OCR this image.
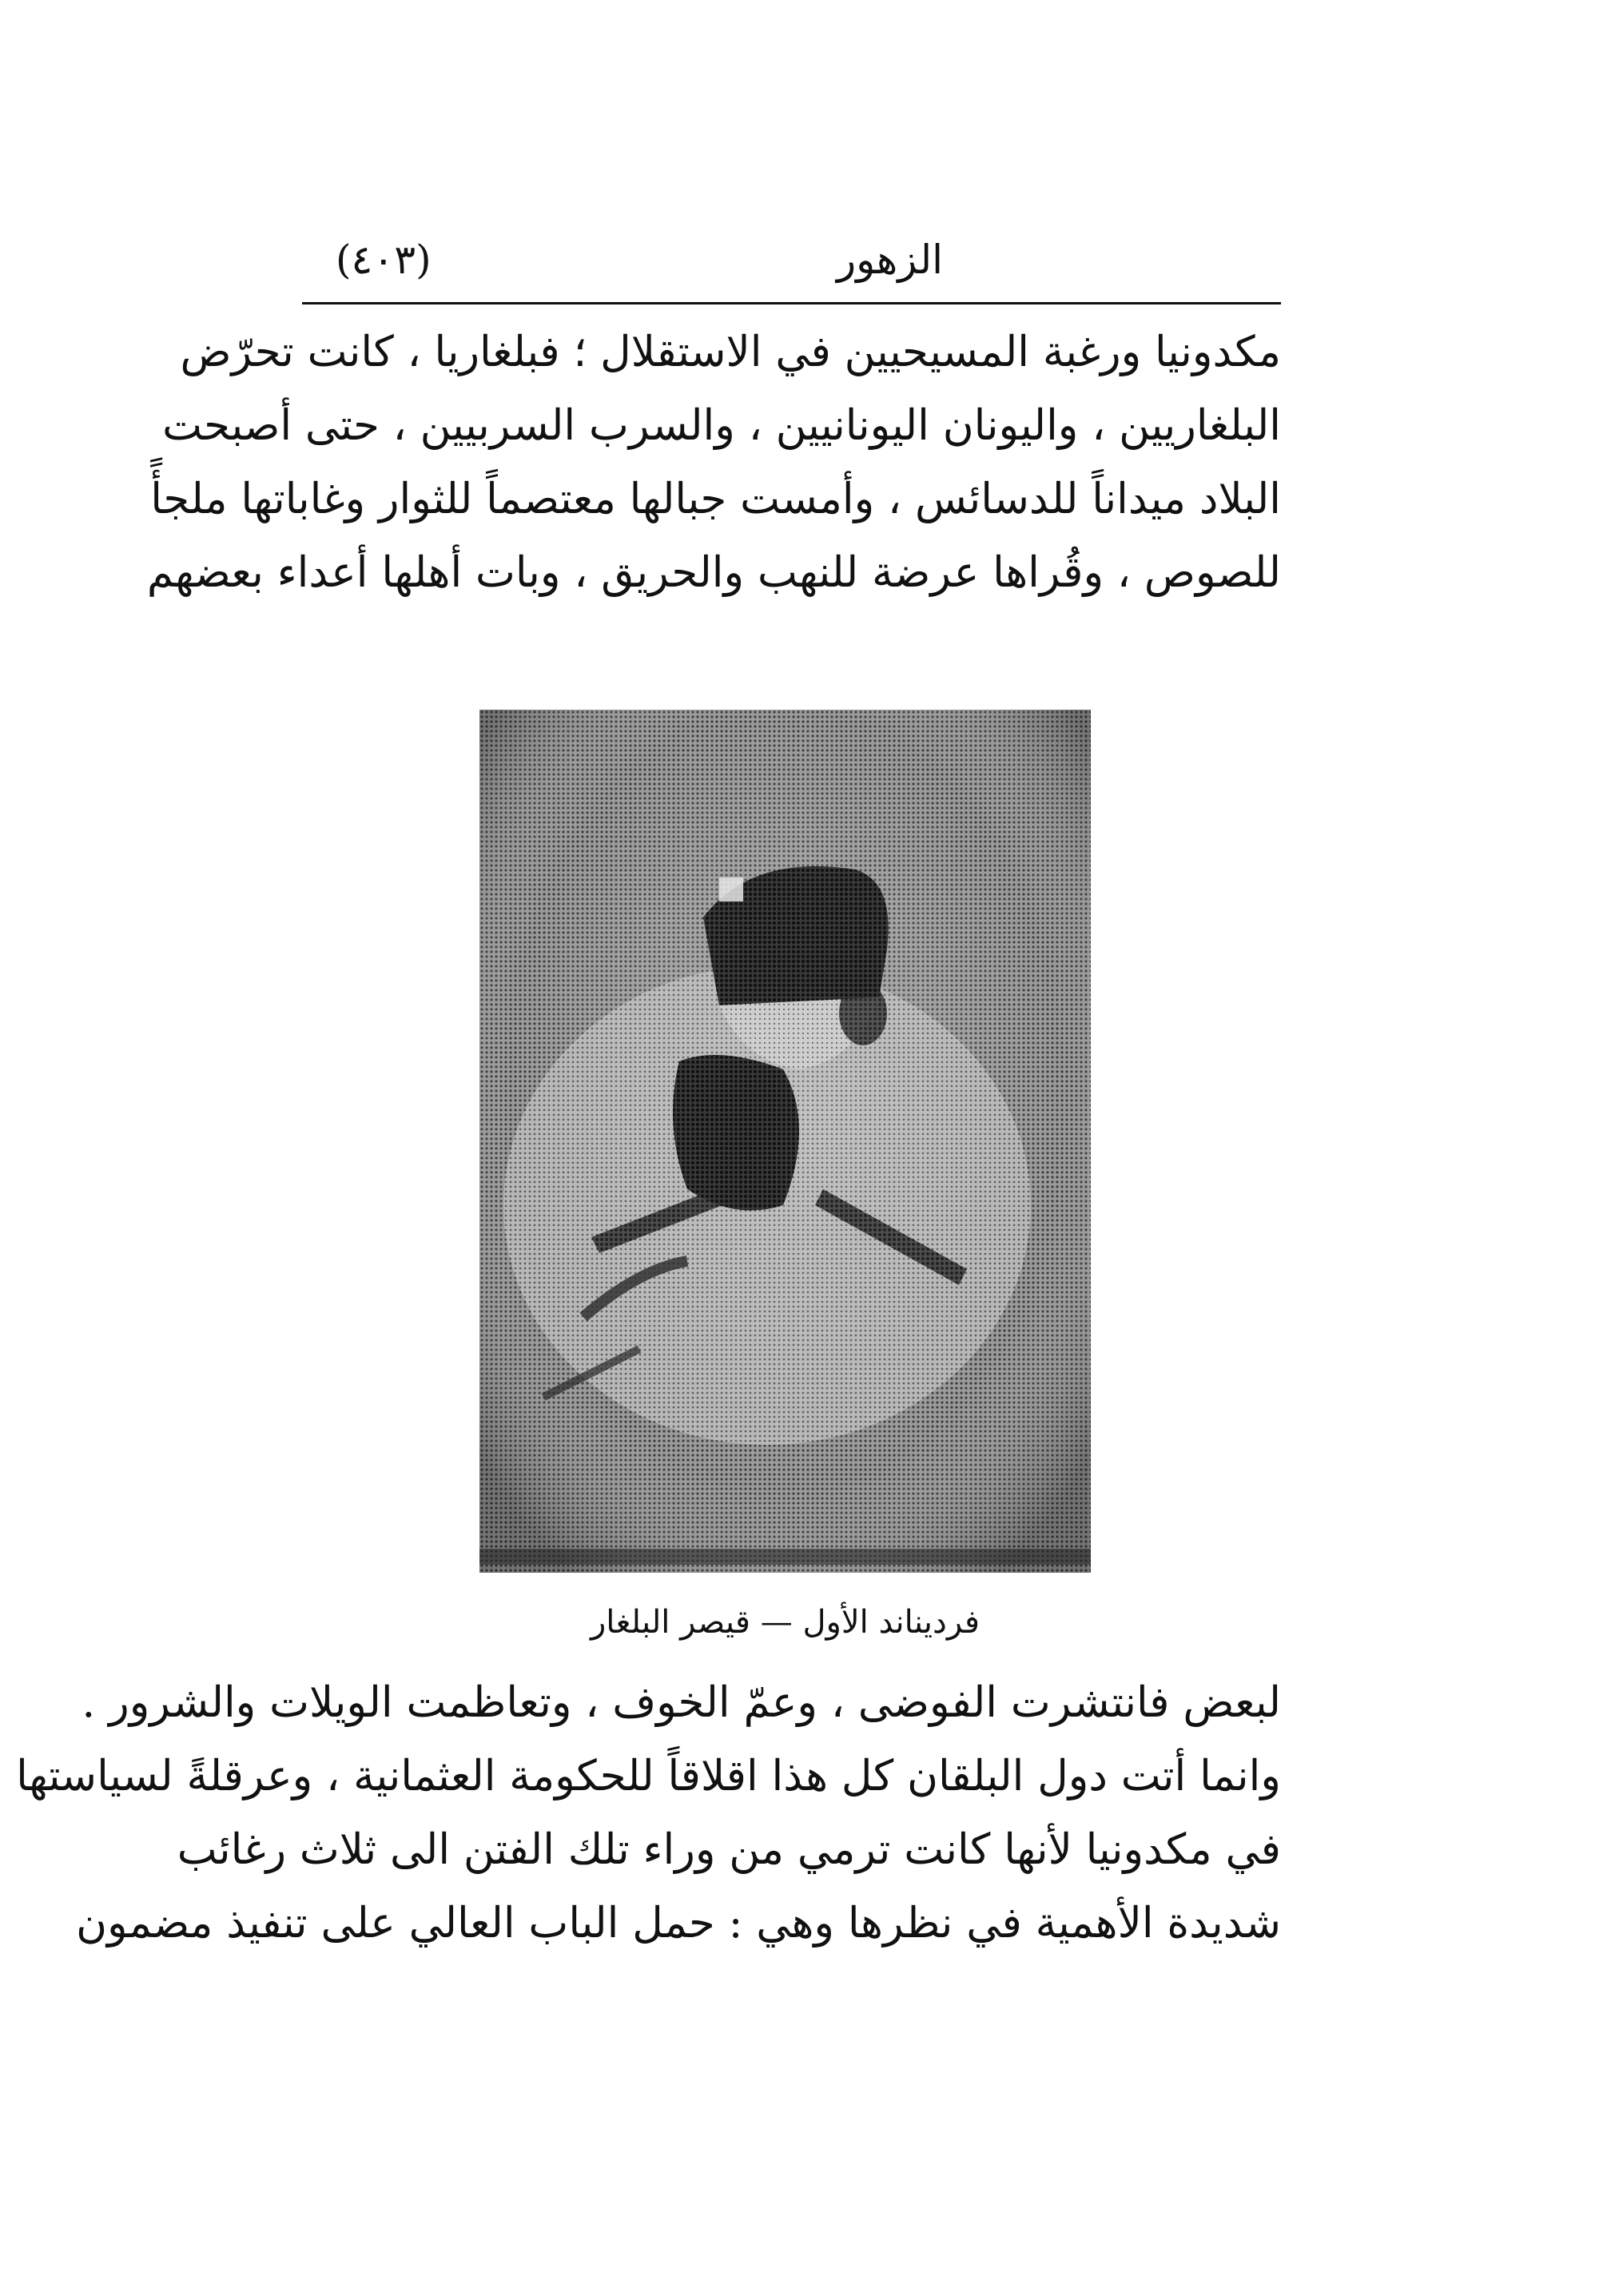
الزهور
(٤٠٣)
مكدونيا ورغبة المسيحيين في الاستقلال ؛ فبلغاريا ، كانت تحرّض
البلغاريين ، واليونان اليونانيين ، والسرب السربيين ، حتى أصبحت
البلاد ميداناً للدسائس ، وأمست جبالها معتصماً للثوار وغاباتها ملجأً
للصوص ، وقُراها عرضة للنهب والحريق ، وبات أهلها أعداء بعضهم
فرديناند الأول — قيصر البلغار
لبعض فانتشرت الفوضى ، وعمّ الخوف ، وتعاظمت الويلات والشرور .
وانما أتت دول البلقان كل هذا اقلاقاً للحكومة العثمانية ، وعرقلةً لسياستها
في مكدونيا لأنها كانت ترمي من وراء تلك الفتن الى ثلاث رغائب
شديدة الأهمية في نظرها وهي : حمل الباب العالي على تنفيذ مضمون
